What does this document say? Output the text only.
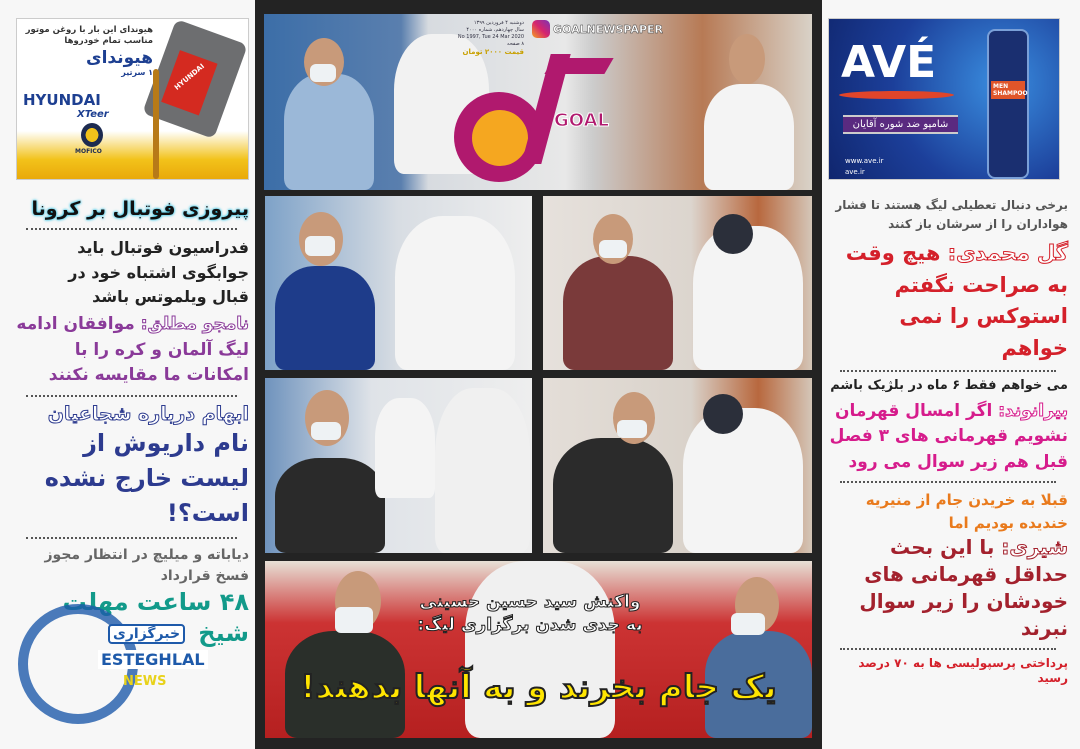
هیوندای این بار با روغن موتور
مناسب تمام خودروها
هیوندای
۱ سرتیر
HYUNDAI
XTeer
MOFICO
HYUNDAI
پیروزی فوتبال بر کرونا
فدراسیون فوتبال باید جوابگوی اشتباه خود در قبال ویلموتس باشد
نامجو مطلق: موافقان ادامه لیگ آلمان و کره را با امکانات ما مقایسه نکنند
ابهام درباره شجاعیان
نام داریوش از لیست خارج نشده است؟!
دیاباته و میلیچ در انتظار مجوز فسخ قرارداد
۴۸ ساعت مهلت شیخ
خبرگزاری
ESTEGHLAL
NEWS
GOAL
GOALNEWSPAPER
دوشنبه ۴ فروردین ۱۳۹۹
سال چهاردهم، شماره ۴۰۰۰
No 1997, Tue 24 Mar 2020
۸ صفحه
قیمت ۲۰۰۰ تومان
واکنش سید حسین حسینی به جدی شدن برگزاری لیگ:
یک جام بخرند و به آنها بدهند!
AVÉ
شامپو ضد شوره آقایان
www.ave.ir
ave.ir
MEN SHAMPOO
برخی دنبال تعطیلی لیگ هستند تا فشار هواداران را از سرشان باز کنند
گل محمدی: هیچ وقت به صراحت نگفتم استوکس را نمی خواهم
می خواهم فقط ۶ ماه در بلژیک باشم
بیرانوند: اگر امسال قهرمان نشویم قهرمانی های ۳ فصل قبل هم زیر سوال می رود
قبلا به خریدن جام از منیریه خندیده بودیم اما
شیری: با این بحث حداقل قهرمانی های خودشان را زیر سوال نبرند
پرداختی پرسپولیسی ها به ۷۰ درصد رسید
